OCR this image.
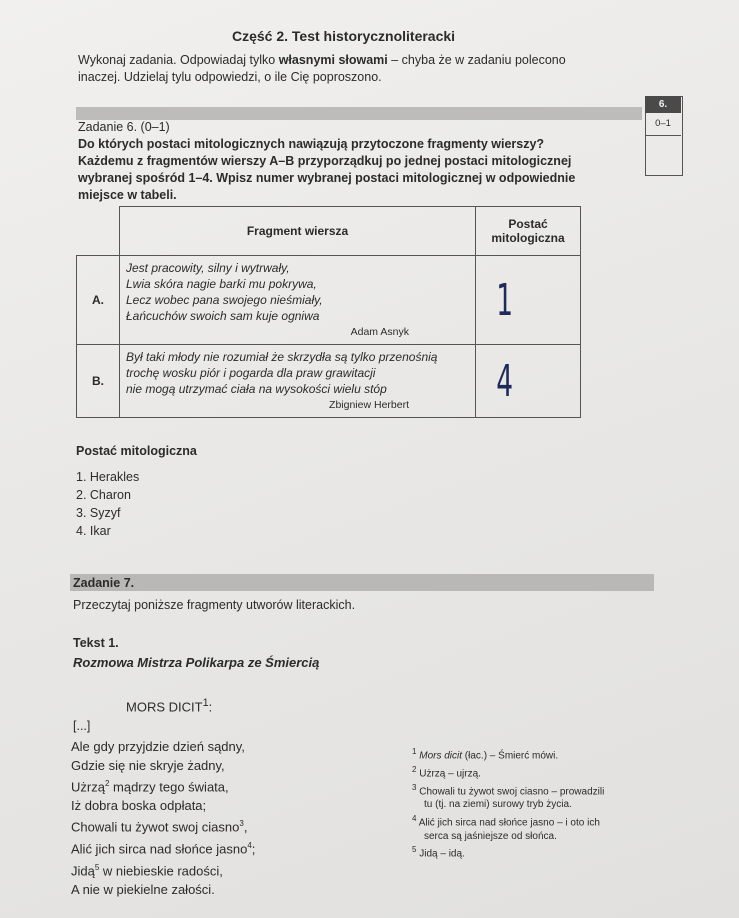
Część 2. Test historycznoliteracki
Wykonaj zadania. Odpowiadaj tylko własnymi słowami – chyba że w zadaniu polecono
inaczej. Udzielaj tylu odpowiedzi, o ile Cię poproszono.
6.
0–1
Zadanie 6. (0–1)
Do których postaci mitologicznych nawiązują przytoczone fragmenty wierszy?
Każdemu z fragmentów wierszy A–B przyporządkuj po jednej postaci mitologicznej
wybranej spośród 1–4. Wpisz numer wybranej postaci mitologicznej w odpowiednie
miejsce w tabeli.
	Fragment wiersza	Postać
mitologiczna

A.	Jest pracowity, silny i wytrwały,
Lwia skóra nagie barki mu pokrywa,
Lecz wobec pana swojego nieśmiały,
Łańcuchów swoich sam kuje ogniwa
Adam Asnyk	1
B.	Był taki młody nie rozumiał że skrzydła są tylko przenośnią
trochę wosku piór i pogarda dla praw grawitacji
nie mogą utrzymać ciała na wysokości wielu stóp
Zbigniew Herbert	4
Postać mitologiczna
1. Herakles
2. Charon
3. Syzyf
4. Ikar
Zadanie 7.
Przeczytaj poniższe fragmenty utworów literackich.
Tekst 1.
Rozmowa Mistrza Polikarpa ze Śmiercią
MORS DICIT$^1$:
[...]
Ale gdy przyjdzie dzień sądny,
Gdzie się nie skryje żadny,
Użrzą$^2$ mądrzy tego świata,
Iż dobra boska odpłata;
Chowali tu żywot swoj ciasno$^3$,
Alić jich sirca nad słońce jasno$^4$;
Jidą$^5$ w niebieskie radości,
A nie w piekielne załości.
$^1$ Mors dicit (łac.) – Śmierć mówi.
$^2$ Użrzą – ujrzą.
$^3$ Chowali tu żywot swoj ciasno – prowadzili
tu (tj. na ziemi) surowy tryb życia.
$^4$ Alić jich sirca nad słońce jasno – i oto ich
serca są jaśniejsze od słońca.
$^5$ Jidą – idą.
